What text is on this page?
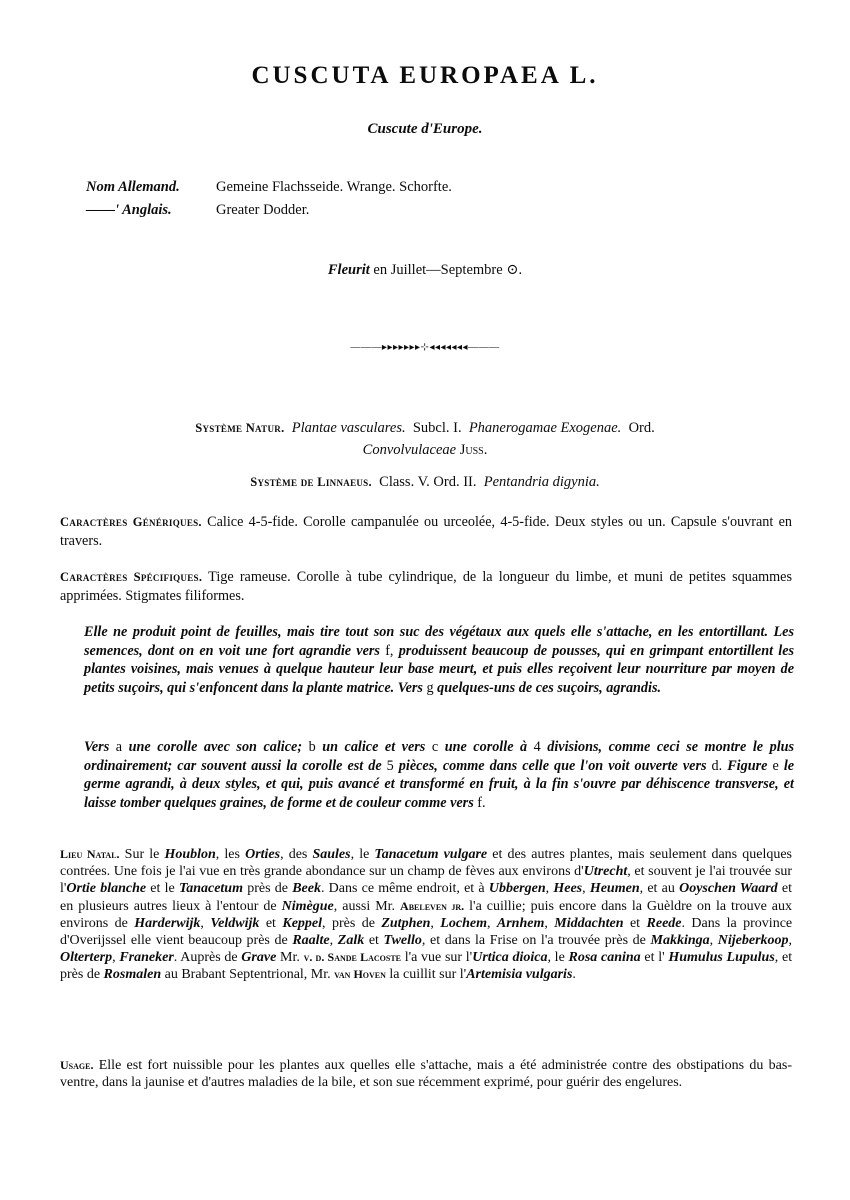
CUSCUTA EUROPAEA L.
Cuscute d'Europe.
Nom Allemand.	Gemeine Flachsseide. Wrange. Schorfte.
——' Anglais.	Greater Dodder.
Fleurit en Juillet—Septembre ⊙.
———▸▸▸▸▸▸▸⊹◂◂◂◂◂◂◂———
Système Natur. Plantae vasculares. Subcl. I. Phanerogamae Exogenae. Ord.
Convolvulaceae Juss.
Système de Linnaeus. Class. V. Ord. II. Pentandria digynia.
Caractères Génériques. Calice 4-5-fide. Corolle campanulée ou urceolée, 4-5-fide. Deux styles ou un. Capsule s'ouvrant en travers.
Caractères Spécifiques. Tige rameuse. Corolle à tube cylindrique, de la longueur du limbe, et muni de petites squammes apprimées. Stigmates filiformes.
Elle ne produit point de feuilles, mais tire tout son suc des végétaux aux quels elle s'attache, en les entortillant. Les semences, dont on en voit une fort agrandie vers f, produissent beaucoup de pousses, qui en grimpant entortillent les plantes voisines, mais venues à quelque hauteur leur base meurt, et puis elles reçoivent leur nourriture par moyen de petits suçoirs, qui s'enfoncent dans la plante matrice. Vers g quelques-uns de ces suçoirs, agrandis.
Vers a une corolle avec son calice; b un calice et vers c une corolle à 4 divisions, comme ceci se montre le plus ordinairement; car souvent aussi la corolle est de 5 pièces, comme dans celle que l'on voit ouverte vers d. Figure e le germe agrandi, à deux styles, et qui, puis avancé et transformé en fruit, à la fin s'ouvre par déhiscence transverse, et laisse tomber quelques graines, de forme et de couleur comme vers f.
Lieu Natal. Sur le Houblon, les Orties, des Saules, le Tanacetum vulgare et des autres plantes, mais seulement dans quelques contrées. Une fois je l'ai vue en très grande abondance sur un champ de fèves aux environs d'Utrecht, et souvent je l'ai trouvée sur l'Ortie blanche et le Tanacetum près de Beek. Dans ce même endroit, et à Ubbergen, Hees, Heumen, et au Ooyschen Waard et en plusieurs autres lieux à l'entour de Nimègue, aussi Mr. Abeleven jr. l'a cuillie; puis encore dans la Guèldre on la trouve aux environs de Harderwijk, Veldwijk et Keppel, près de Zutphen, Lochem, Arnhem, Middachten et Reede. Dans la province d'Overijssel elle vient beaucoup près de Raalte, Zalk et Twello, et dans la Frise on l'a trouvée près de Makkinga, Nijeberkoop, Olterterp, Franeker. Auprès de Grave Mr. v. d. Sande Lacoste l'a vue sur l'Urtica dioica, le Rosa canina et l' Humulus Lupulus, et près de Rosmalen au Brabant Septentrional, Mr. van Hoven la cuillit sur l'Artemisia vulgaris.
Usage. Elle est fort nuissible pour les plantes aux quelles elle s'attache, mais a été administrée contre des obstipations du bas-ventre, dans la jaunise et d'autres maladies de la bile, et son sue récemment exprimé, pour guérir des engelures.
